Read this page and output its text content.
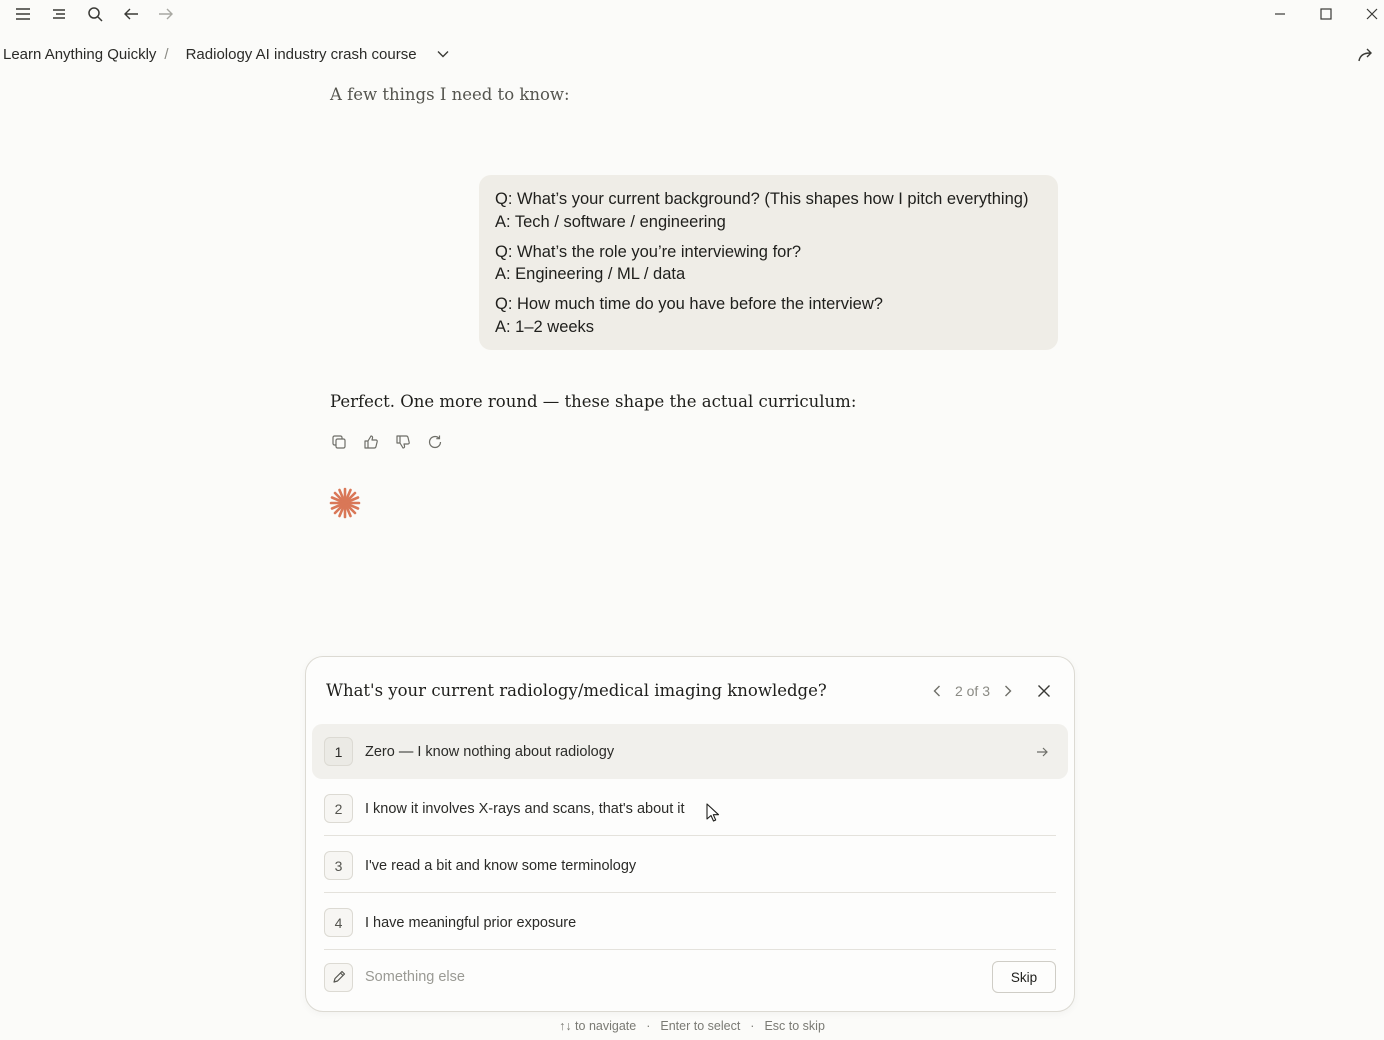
Learn Anything Quickly / Radiology AI industry crash course
A few things I need to know:

Q: What’s your current background? (This shapes how I pitch everything)

A: Tech / software / engineering

Q: What’s the role you’re interviewing for?

A: Engineering / ML / data

Q: How much time do you have before the interview?

A: 1–2 weeks

Perfect. One more round — these shape the actual curriculum:
What's your current radiology/medical imaging knowledge?	2 of 3
1	Zero — I know nothing about radiology
2	I know it involves X-rays and scans, that's about it
3	I've read a bit and know some terminology
4	I have meaningful prior exposure
Something else
Skip
↑↓ to navigate · Enter to select · Esc to skip
